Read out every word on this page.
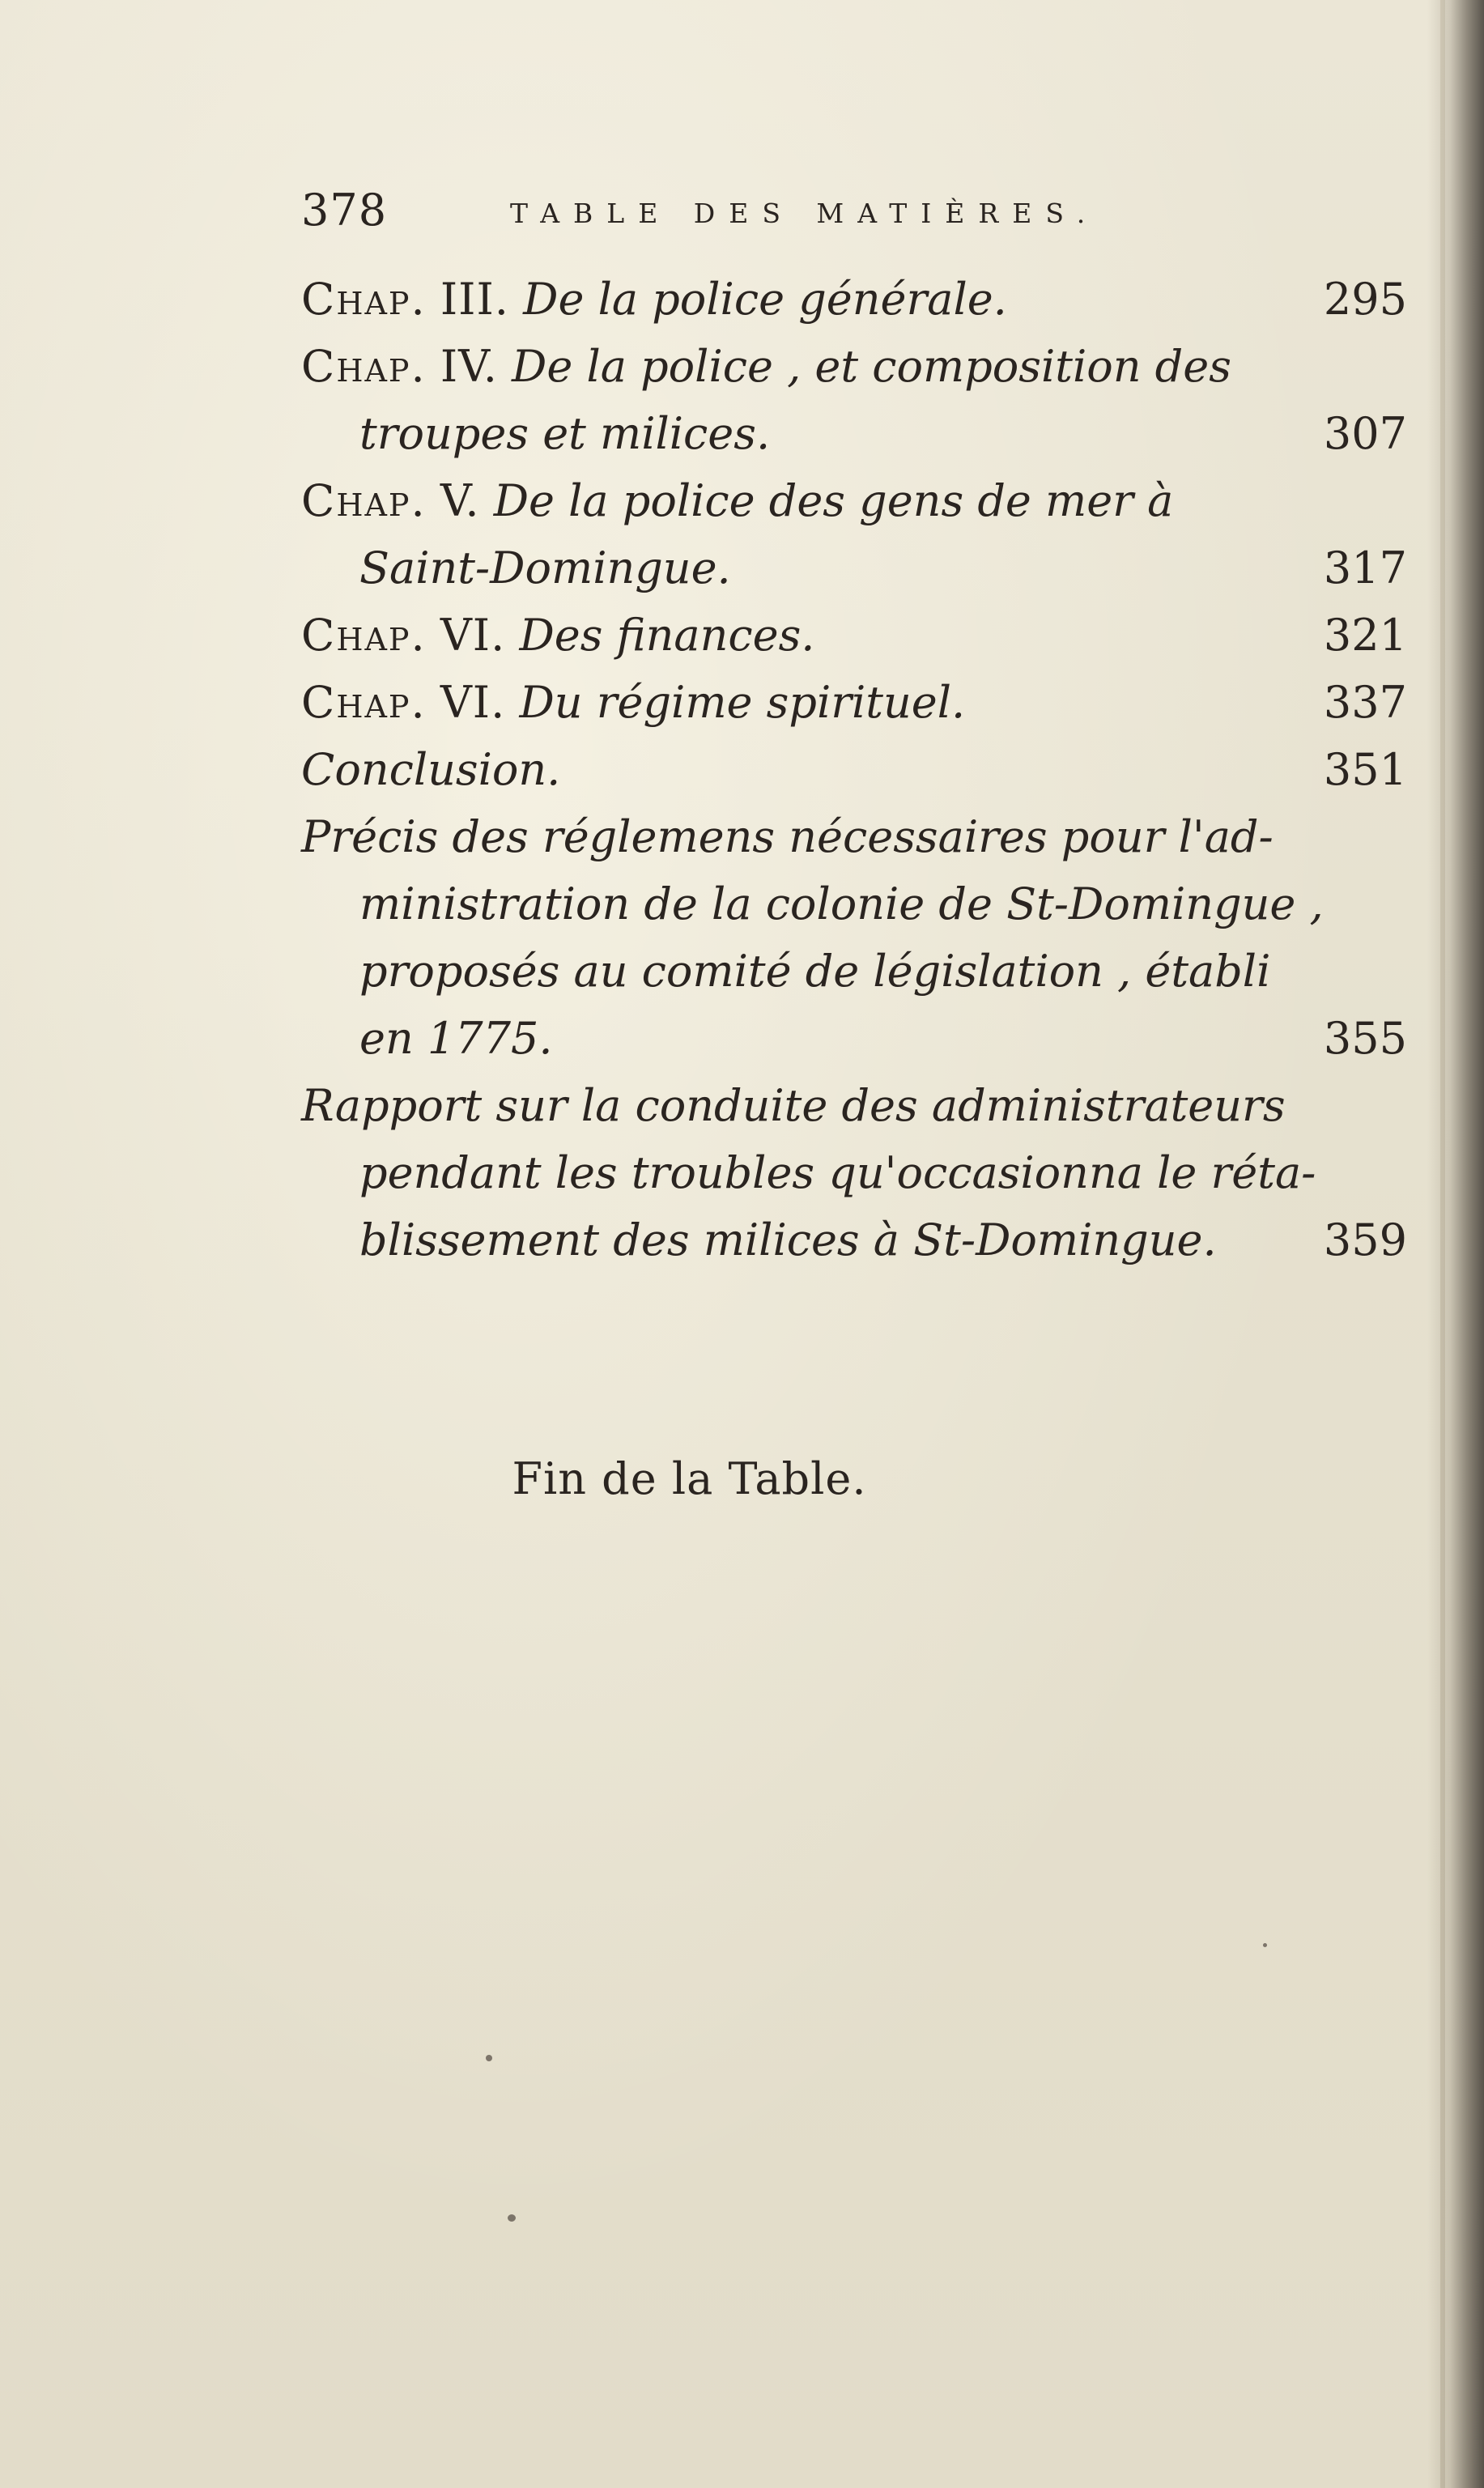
378	TABLE DES MATIÈRES.
Chap. III. De la police générale.	295
Chap. IV. De la police , et composition des
troupes et milices.	307
Chap. V. De la police des gens de mer à
Saint-Domingue.	317
Chap. VI. Des finances.	321
Chap. VI. Du régime spirituel.	337
Conclusion.	351
Précis des réglemens nécessaires pour l'ad-
ministration de la colonie de St-Domingue ,
proposés au comité de législation , établi
en 1775.	355
Rapport sur la conduite des administrateurs
pendant les troubles qu'occasionna le réta-
blissement des milices à St-Domingue. 359
Fin de la Table.
